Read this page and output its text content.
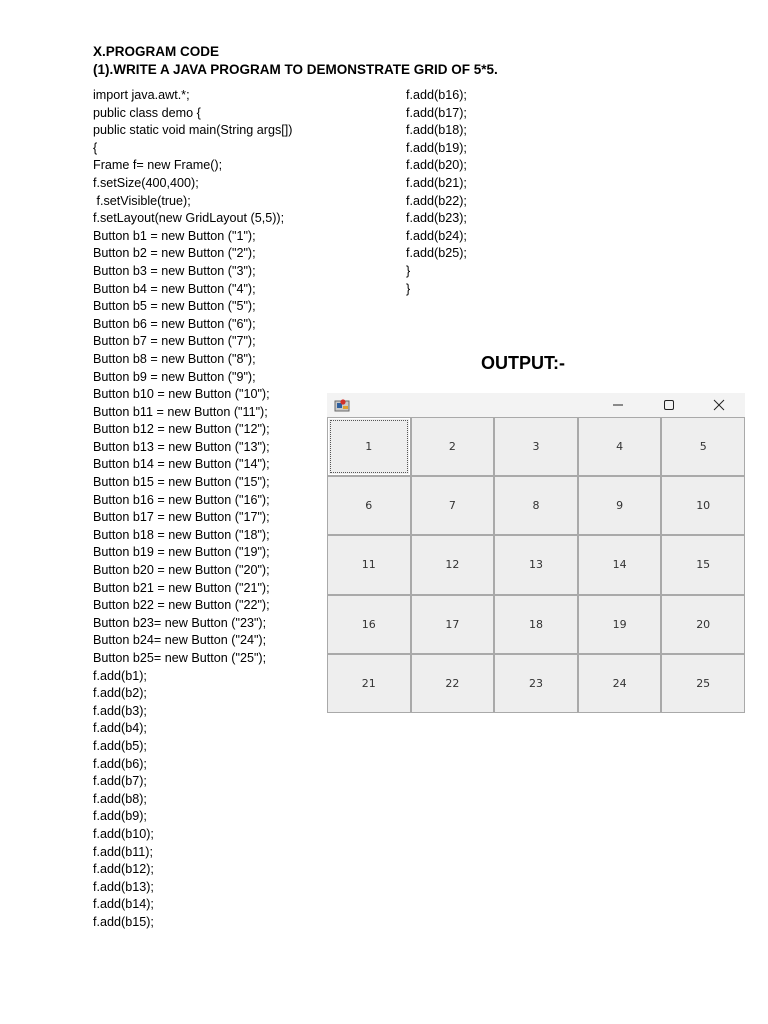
X.PROGRAM CODE
(1).WRITE A JAVA PROGRAM TO DEMONSTRATE GRID OF 5*5.
import java.awt.*;
public class demo {
public static void main(String args[])
{
Frame f= new Frame();
f.setSize(400,400);
f.setVisible(true);
f.setLayout(new GridLayout (5,5));
Button b1 = new Button ("1");
Button b2 = new Button ("2");
Button b3 = new Button ("3");
Button b4 = new Button ("4");
Button b5 = new Button ("5");
Button b6 = new Button ("6");
Button b7 = new Button ("7");
Button b8 = new Button ("8");
Button b9 = new Button ("9");
Button b10 = new Button ("10");
Button b11 = new Button ("11");
Button b12 = new Button ("12");
Button b13 = new Button ("13");
Button b14 = new Button ("14");
Button b15 = new Button ("15");
Button b16 = new Button ("16");
Button b17 = new Button ("17");
Button b18 = new Button ("18");
Button b19 = new Button ("19");
Button b20 = new Button ("20");
Button b21 = new Button ("21");
Button b22 = new Button ("22");
Button b23= new Button ("23");
Button b24= new Button ("24");
Button b25= new Button ("25");
f.add(b1);
f.add(b2);
f.add(b3);
f.add(b4);
f.add(b5);
f.add(b6);
f.add(b7);
f.add(b8);
f.add(b9);
f.add(b10);
f.add(b11);
f.add(b12);
f.add(b13);
f.add(b14);
f.add(b15);
f.add(b16);
f.add(b17);
f.add(b18);
f.add(b19);
f.add(b20);
f.add(b21);
f.add(b22);
f.add(b23);
f.add(b24);
f.add(b25);
}
}
OUTPUT:-
1	2	3	4	5
6	7	8	9	10
11	12	13	14	15
16	17	18	19	20
21	22	23	24	25
